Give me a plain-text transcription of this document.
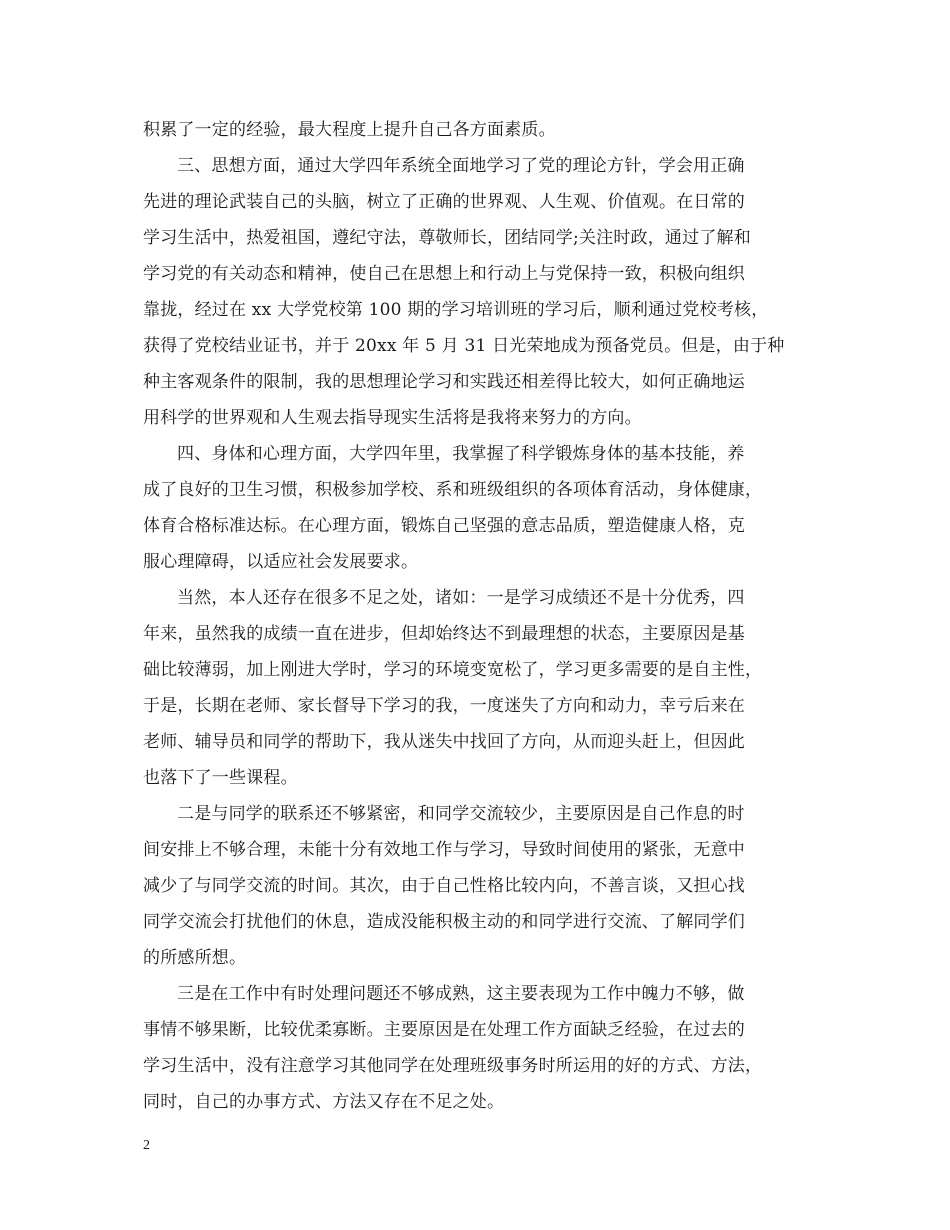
积累了一定的经验，最大程度上提升自己各方面素质。
三、思想方面，通过大学四年系统全面地学习了党的理论方针，学会用正确
先进的理论武装自己的头脑，树立了正确的世界观、人生观、价值观。在日常的
学习生活中，热爱祖国，遵纪守法，尊敬师长，团结同学;关注时政，通过了解和
学习党的有关动态和精神，使自己在思想上和行动上与党保持一致，积极向组织
靠拢，经过在 xx 大学党校第 100 期的学习培训班的学习后，顺利通过党校考核，
获得了党校结业证书，并于 20xx 年 5 月 31 日光荣地成为预备党员。但是，由于种
种主客观条件的限制，我的思想理论学习和实践还相差得比较大，如何正确地运
用科学的世界观和人生观去指导现实生活将是我将来努力的方向。
四、身体和心理方面，大学四年里，我掌握了科学锻炼身体的基本技能，养
成了良好的卫生习惯，积极参加学校、系和班级组织的各项体育活动，身体健康，
体育合格标准达标。在心理方面，锻炼自己坚强的意志品质，塑造健康人格，克
服心理障碍，以适应社会发展要求。
当然，本人还存在很多不足之处，诸如：一是学习成绩还不是十分优秀，四
年来，虽然我的成绩一直在进步，但却始终达不到最理想的状态，主要原因是基
础比较薄弱，加上刚进大学时，学习的环境变宽松了，学习更多需要的是自主性，
于是，长期在老师、家长督导下学习的我，一度迷失了方向和动力，幸亏后来在
老师、辅导员和同学的帮助下，我从迷失中找回了方向，从而迎头赶上，但因此
也落下了一些课程。
二是与同学的联系还不够紧密，和同学交流较少，主要原因是自己作息的时
间安排上不够合理，未能十分有效地工作与学习，导致时间使用的紧张，无意中
减少了与同学交流的时间。其次，由于自己性格比较内向，不善言谈，又担心找
同学交流会打扰他们的休息，造成没能积极主动的和同学进行交流、了解同学们
的所感所想。
三是在工作中有时处理问题还不够成熟，这主要表现为工作中魄力不够，做
事情不够果断，比较优柔寡断。主要原因是在处理工作方面缺乏经验，在过去的
学习生活中，没有注意学习其他同学在处理班级事务时所运用的好的方式、方法，
同时，自己的办事方式、方法又存在不足之处。
2
